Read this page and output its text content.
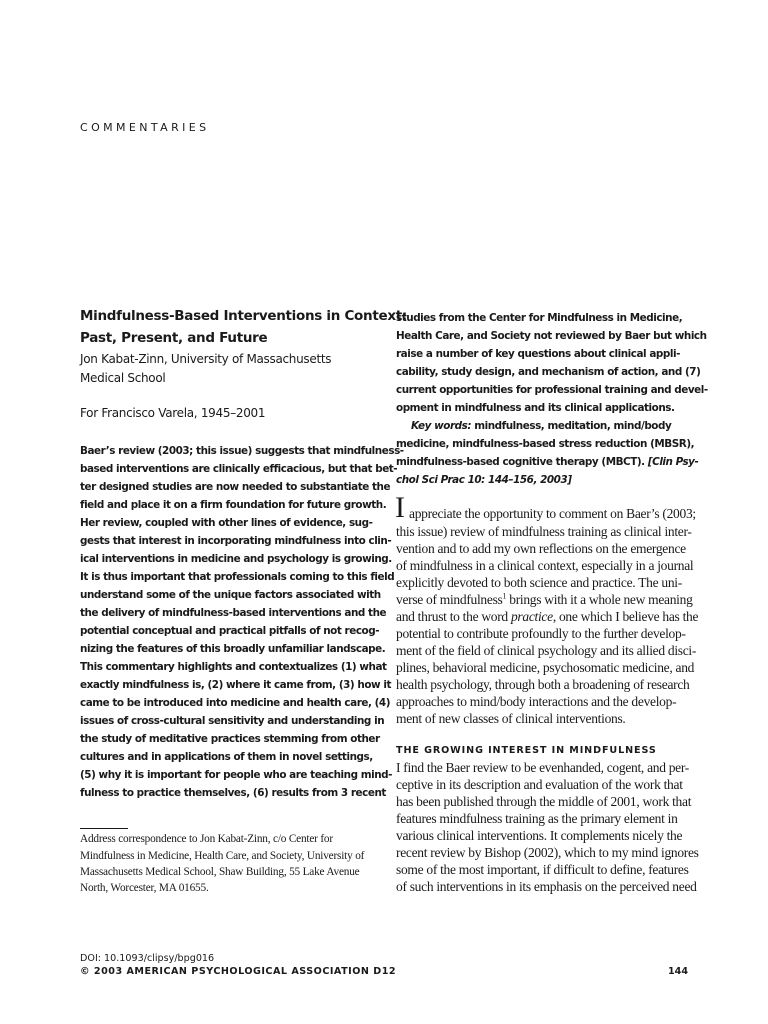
COMMENTARIES
Mindfulness-Based Interventions in Context:
Past, Present, and Future
Jon Kabat-Zinn, University of Massachusetts
Medical School
For Francisco Varela, 1945–2001
Baer’s review (2003; this issue) suggests that mindfulness-
based interventions are clinically efficacious, but that bet-
ter designed studies are now needed to substantiate the
field and place it on a firm foundation for future growth.
Her review, coupled with other lines of evidence, sug-
gests that interest in incorporating mindfulness into clin-
ical interventions in medicine and psychology is growing.
It is thus important that professionals coming to this field
understand some of the unique factors associated with
the delivery of mindfulness-based interventions and the
potential conceptual and practical pitfalls of not recog-
nizing the features of this broadly unfamiliar landscape.
This commentary highlights and contextualizes (1) what
exactly mindfulness is, (2) where it came from, (3) how it
came to be introduced into medicine and health care, (4)
issues of cross-cultural sensitivity and understanding in
the study of meditative practices stemming from other
cultures and in applications of them in novel settings,
(5) why it is important for people who are teaching mind-
fulness to practice themselves, (6) results from 3 recent
Address correspondence to Jon Kabat-Zinn, c/o Center for
Mindfulness in Medicine, Health Care, and Society, University of
Massachusetts Medical School, Shaw Building, 55 Lake Avenue
North, Worcester, MA 01655.
studies from the Center for Mindfulness in Medicine,
Health Care, and Society not reviewed by Baer but which
raise a number of key questions about clinical appli-
cability, study design, and mechanism of action, and (7)
current opportunities for professional training and devel-
opment in mindfulness and its clinical applications.
Key words: mindfulness, meditation, mind/body
medicine, mindfulness-based stress reduction (MBSR),
mindfulness-based cognitive therapy (MBCT). [Clin Psy-
chol Sci Prac 10: 144–156, 2003]
I appreciate the opportunity to comment on Baer’s (2003;
this issue) review of mindfulness training as clinical inter-
vention and to add my own reflections on the emergence
of mindfulness in a clinical context, especially in a journal
explicitly devoted to both science and practice. The uni-
verse of mindfulness$^1$ brings with it a whole new meaning
and thrust to the word practice, one which I believe has the
potential to contribute profoundly to the further develop-
ment of the field of clinical psychology and its allied disci-
plines, behavioral medicine, psychosomatic medicine, and
health psychology, through both a broadening of research
approaches to mind/body interactions and the develop-
ment of new classes of clinical interventions.
THE GROWING INTEREST IN MINDFULNESS
I find the Baer review to be evenhanded, cogent, and per-
ceptive in its description and evaluation of the work that
has been published through the middle of 2001, work that
features mindfulness training as the primary element in
various clinical interventions. It complements nicely the
recent review by Bishop (2002), which to my mind ignores
some of the most important, if difficult to define, features
of such interventions in its emphasis on the perceived need
DOI: 10.1093/clipsy/bpg016
© 2003 AMERICAN PSYCHOLOGICAL ASSOCIATION D12	144
